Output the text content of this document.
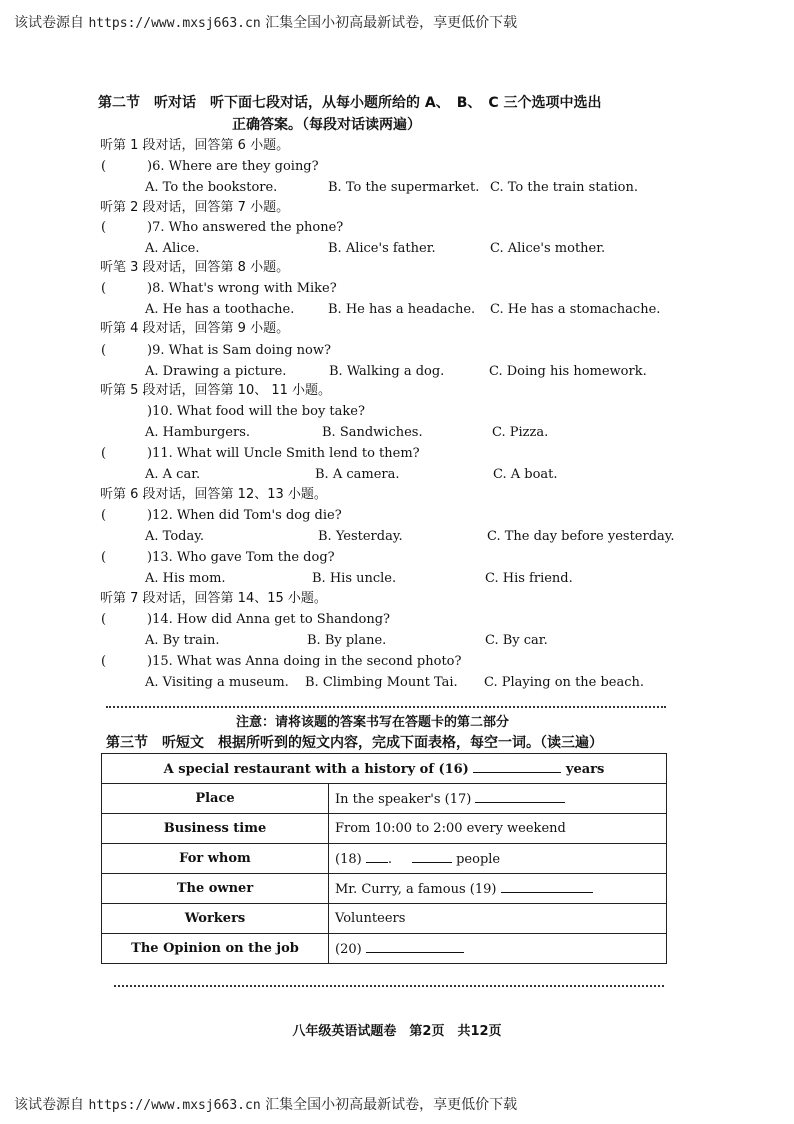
该试卷源自 https://www.mxsj663.cn 汇集全国小初高最新试卷，享更低价下载
第二节　听对话　听下面七段对话，从每小题所给的 A、　B、　C 三个选项中选出
正确答案。（每段对话读两遍）
听第 1 段对话，回答第 6 小题。
(	)6. Where are they going?
A. To the bookstore.	B. To the supermarket. C. To the train station.
听第 2 段对话，回答第 7 小题。
(	)7. Who answered the phone?
A. Alice.	B. Alice's father.	C. Alice's mother.
听笔 3 段对话，回答第 8 小题。
(	)8. What's wrong with Mike?
A. He has a toothache.	B. He has a headache. C. He has a stomachache.
听第 4 段对话，回答第 9 小题。
(	)9. What is Sam doing now?
A. Drawing a picture.	B. Walking a dog.	C. Doing his homework.
听第 5 段对话，回答第 10、 11 小题。
)10. What food will the boy take?
A. Hamburgers.	B. Sandwiches.	C. Pizza.
(	)11. What will Uncle Smith lend to them?
A. A car.	B. A camera.	C. A boat.
听第 6 段对话，回答第 12、13 小题。
(	)12. When did Tom's dog die?
A. Today.	B. Yesterday.	C. The day before yesterday.
(	)13. Who gave Tom the dog?
A. His mom.	B. His uncle.	C. His friend.
听第 7 段对话，回答第 14、15 小题。
(	)14. How did Anna get to Shandong?
A. By train.	B. By plane.	C. By car.
(	)15. What was Anna doing in the second photo?
A. Visiting a museum. B. Climbing Mount Tai. C. Playing on the beach.
注意：请将该题的答案书写在答题卡的第二部分
第三节　听短文　根据所听到的短文内容，完成下面表格，每空一词。（读三遍）
A special restaurant with a history of (16) years	
Place	In the speaker's (17)
Business time	From 10:00 to 2:00 every weekend
For whom	(18) . people
The owner	Mr. Curry, a famous (19)
Workers	Volunteers
The Opinion on the job	(20)
八年级英语试题卷　第2页　共12页
该试卷源自 https://www.mxsj663.cn 汇集全国小初高最新试卷，享更低价下载
